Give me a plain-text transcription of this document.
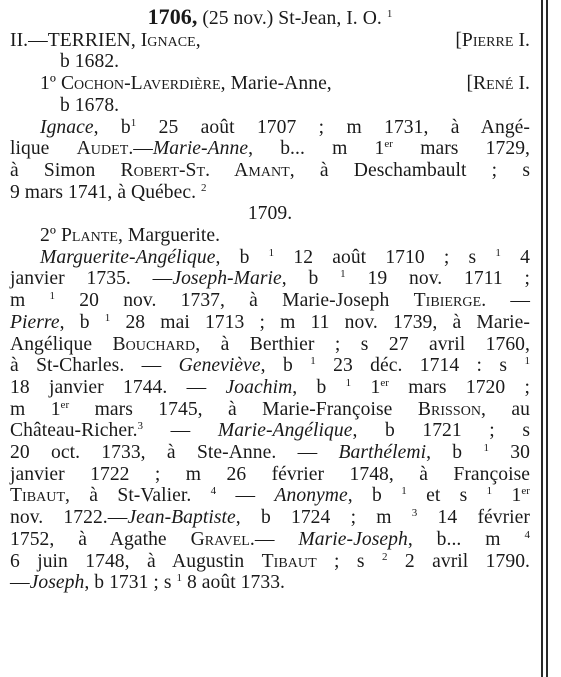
1706, (25 nov.) St-Jean, I. O. $^1$
II.—TERRIEN, Ignace,	[Pierre I.
b 1682.
1º Cochon-Laverdière, Marie-Anne,	[René I.
b 1678.
Ignace, $b^1$ 25 août 1707 ; m 1731, à Angé-
lique Audet.—Marie-Anne, b... m 1er mars 1729,
à Simon Robert-St. Amant, à Deschambault ; s
9 mars 1741, à Québec. $^2$
1709.
2º Plante, Marguerite.
Marguerite-Angélique, b $^1$ 12 août 1710 ; s $^1$ 4
janvier 1735. —Joseph-Marie, b $^1$ 19 nov. 1711 ;
m $^1$ 20 nov. 1737, à Marie-Joseph Tibierge. —
Pierre, b $^1$ 28 mai 1713 ; m 11 nov. 1739, à Marie-
Angélique Bouchard, à Berthier ; s 27 avril 1760,
à St-Charles. — Geneviève, b $^1$ 23 déc. 1714 : s $^1$
18 janvier 1744. — Joachim, b $^1$ 1er mars 1720 ;
m 1er mars 1745, à Marie-Françoise Brisson, au
Château-Richer.$^3$ — Marie-Angélique, b 1721 ; s
20 oct. 1733, à Ste-Anne. — Barthélemi, b $^1$ 30
janvier 1722 ; m 26 février 1748, à Françoise
Tibaut, à St-Valier. $^4$ — Anonyme, b $^1$ et s $^1$ 1er
nov. 1722.—Jean-Baptiste, b 1724 ; m $^3$ 14 février
1752, à Agathe Gravel.— Marie-Joseph, b... m $^4$
6 juin 1748, à Augustin Tibaut ; s $^2$ 2 avril 1790.
—Joseph, b 1731 ; s $^1$ 8 août 1733.
